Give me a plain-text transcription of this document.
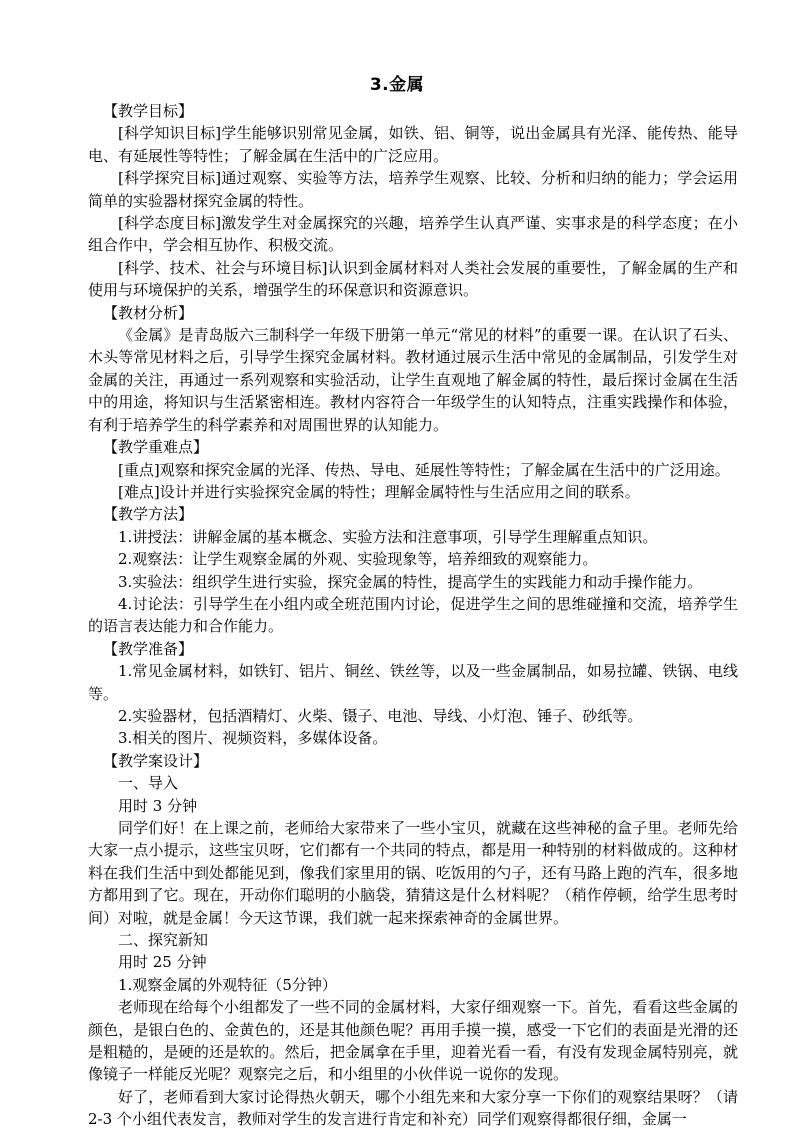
3.金属

【教学目标】

[科学知识目标]学生能够识别常见金属，如铁、铝、铜等，说出金属具有光泽、能传热、能导电、有延展性等特性；了解金属在生活中的广泛应用。

[科学探究目标]通过观察、实验等方法，培养学生观察、比较、分析和归纳的能力；学会运用简单的实验器材探究金属的特性。

[科学态度目标]激发学生对金属探究的兴趣，培养学生认真严谨、实事求是的科学态度；在小组合作中，学会相互协作、积极交流。

[科学、技术、社会与环境目标]认识到金属材料对人类社会发展的重要性，了解金属的生产和使用与环境保护的关系，增强学生的环保意识和资源意识。

【教材分析】

《金属》是青岛版六三制科学一年级下册第一单元“常见的材料”的重要一课。在认识了石头、木头等常见材料之后，引导学生探究金属材料。教材通过展示生活中常见的金属制品，引发学生对金属的关注，再通过一系列观察和实验活动，让学生直观地了解金属的特性，最后探讨金属在生活中的用途，将知识与生活紧密相连。教材内容符合一年级学生的认知特点，注重实践操作和体验，有利于培养学生的科学素养和对周围世界的认知能力。

【教学重难点】

[重点]观察和探究金属的光泽、传热、导电、延展性等特性；了解金属在生活中的广泛用途。

[难点]设计并进行实验探究金属的特性；理解金属特性与生活应用之间的联系。

【教学方法】

1.讲授法：讲解金属的基本概念、实验方法和注意事项，引导学生理解重点知识。

2.观察法：让学生观察金属的外观、实验现象等，培养细致的观察能力。

3.实验法：组织学生进行实验，探究金属的特性，提高学生的实践能力和动手操作能力。

4.讨论法：引导学生在小组内或全班范围内讨论，促进学生之间的思维碰撞和交流，培养学生的语言表达能力和合作能力。

【教学准备】

1.常见金属材料，如铁钉、铝片、铜丝、铁丝等，以及一些金属制品，如易拉罐、铁锅、电线等。

2.实验器材，包括酒精灯、火柴、镊子、电池、导线、小灯泡、锤子、砂纸等。

3.相关的图片、视频资料，多媒体设备。

【教学案设计】

一、导入

用时 3 分钟

同学们好！在上课之前，老师给大家带来了一些小宝贝，就藏在这些神秘的盒子里。老师先给大家一点小提示，这些宝贝呀，它们都有一个共同的特点，都是用一种特别的材料做成的。这种材料在我们生活中到处都能见到，像我们家里用的锅、吃饭用的勺子，还有马路上跑的汽车，很多地方都用到了它。现在，开动你们聪明的小脑袋，猜猜这是什么材料呢？（稍作停顿，给学生思考时间）对啦，就是金属！今天这节课，我们就一起来探索神奇的金属世界。

二、探究新知

用时 25 分钟

1.观察金属的外观特征（5分钟）

老师现在给每个小组都发了一些不同的金属材料，大家仔细观察一下。首先，看看这些金属的颜色，是银白色的、金黄色的，还是其他颜色呢？再用手摸一摸，感受一下它们的表面是光滑的还是粗糙的，是硬的还是软的。然后，把金属拿在手里，迎着光看一看，有没有发现金属特别亮，就像镜子一样能反光呢？观察完之后，和小组里的小伙伴说一说你的发现。

好了，老师看到大家讨论得热火朝天，哪个小组先来和大家分享一下你们的观察结果呀？（请 2-3 个小组代表发言，教师对学生的发言进行肯定和补充）同学们观察得都很仔细，金属一
